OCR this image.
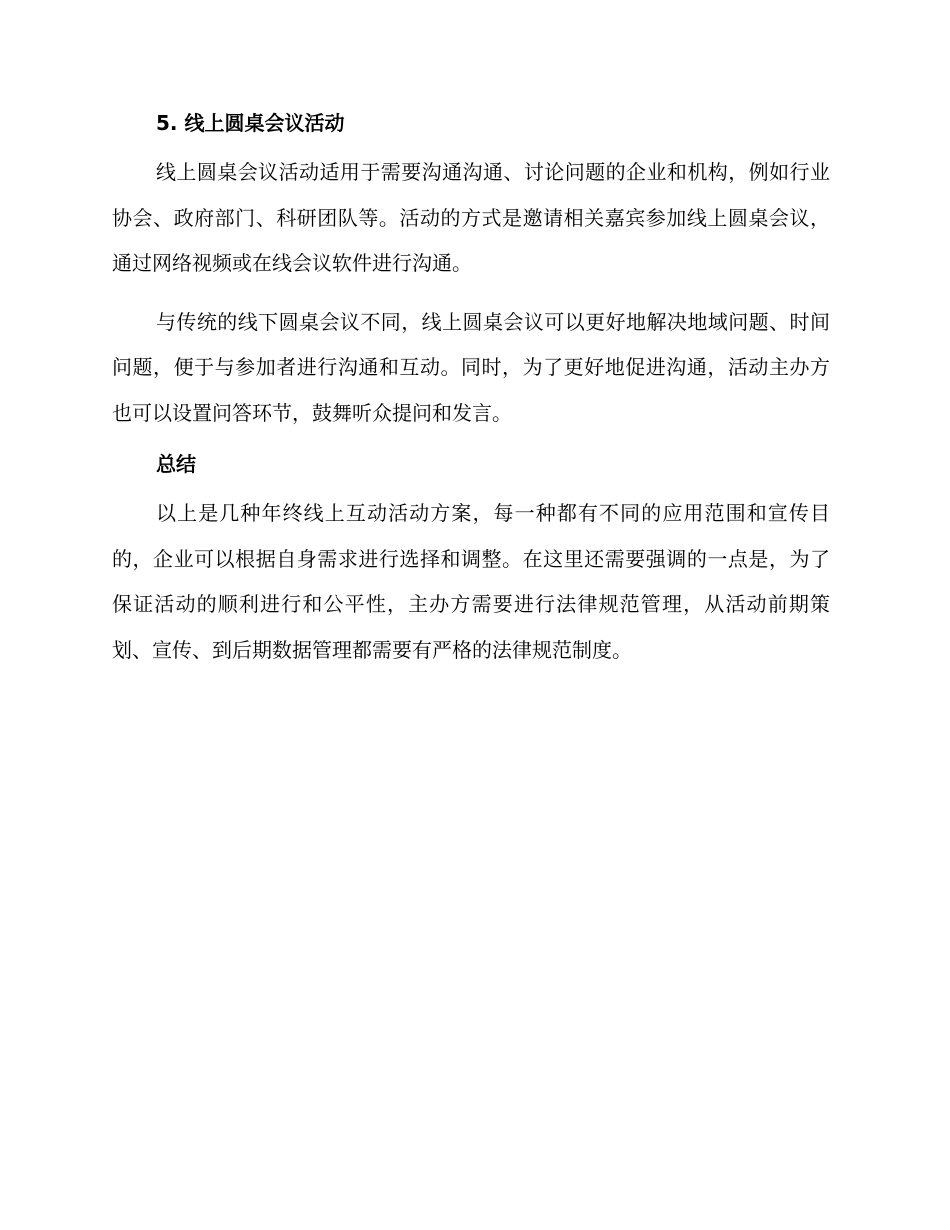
5. 线上圆桌会议活动

线上圆桌会议活动适用于需要沟通沟通、讨论问题的企业和机构，例如行业协会、政府部门、科研团队等。活动的方式是邀请相关嘉宾参加线上圆桌会议，通过网络视频或在线会议软件进行沟通。

与传统的线下圆桌会议不同，线上圆桌会议可以更好地解决地域问题、时间问题，便于与参加者进行沟通和互动。同时，为了更好地促进沟通，活动主办方也可以设置问答环节，鼓舞听众提问和发言。

总结

以上是几种年终线上互动活动方案，每一种都有不同的应用范围和宣传目的，企业可以根据自身需求进行选择和调整。在这里还需要强调的一点是，为了保证活动的顺利进行和公平性，主办方需要进行法律规范管理，从活动前期策划、宣传、到后期数据管理都需要有严格的法律规范制度。
